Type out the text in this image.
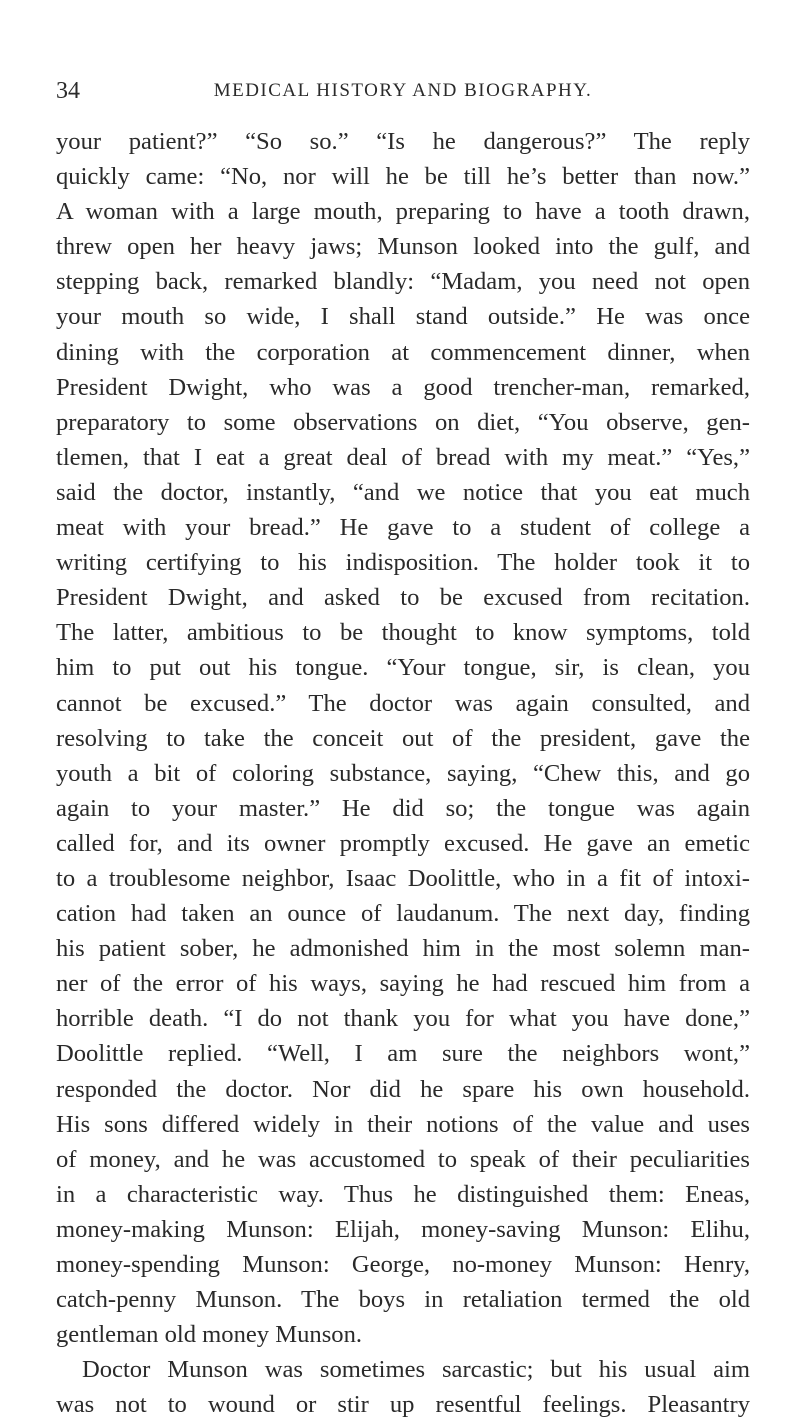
34	MEDICAL HISTORY AND BIOGRAPHY.
your patient?” “So so.” “Is he dangerous?” The reply
quickly came: “No, nor will he be till he’s better than now.”
A woman with a large mouth, preparing to have a tooth drawn,
threw open her heavy jaws; Munson looked into the gulf, and
stepping back, remarked blandly: “Madam, you need not open
your mouth so wide, I shall stand outside.” He was once
dining with the corporation at commencement dinner, when
President Dwight, who was a good trencher-man, remarked,
preparatory to some observations on diet, “You observe, gen-
tlemen, that I eat a great deal of bread with my meat.” “Yes,”
said the doctor, instantly, “and we notice that you eat much
meat with your bread.” He gave to a student of college a
writing certifying to his indisposition. The holder took it to
President Dwight, and asked to be excused from recitation.
The latter, ambitious to be thought to know symptoms, told
him to put out his tongue. “Your tongue, sir, is clean, you
cannot be excused.” The doctor was again consulted, and
resolving to take the conceit out of the president, gave the
youth a bit of coloring substance, saying, “Chew this, and go
again to your master.” He did so; the tongue was again
called for, and its owner promptly excused. He gave an emetic
to a troublesome neighbor, Isaac Doolittle, who in a fit of intoxi-
cation had taken an ounce of laudanum. The next day, finding
his patient sober, he admonished him in the most solemn man-
ner of the error of his ways, saying he had rescued him from a
horrible death. “I do not thank you for what you have done,”
Doolittle replied. “Well, I am sure the neighbors wont,”
responded the doctor. Nor did he spare his own household.
His sons differed widely in their notions of the value and uses
of money, and he was accustomed to speak of their peculiarities
in a characteristic way. Thus he distinguished them: Eneas,
money-making Munson: Elijah, money-saving Munson: Elihu,
money-spending Munson: George, no-money Munson: Henry,
catch-penny Munson. The boys in retaliation termed the old
gentleman old money Munson.
Doctor Munson was sometimes sarcastic; but his usual aim
was not to wound or stir up resentful feelings. Pleasantry
